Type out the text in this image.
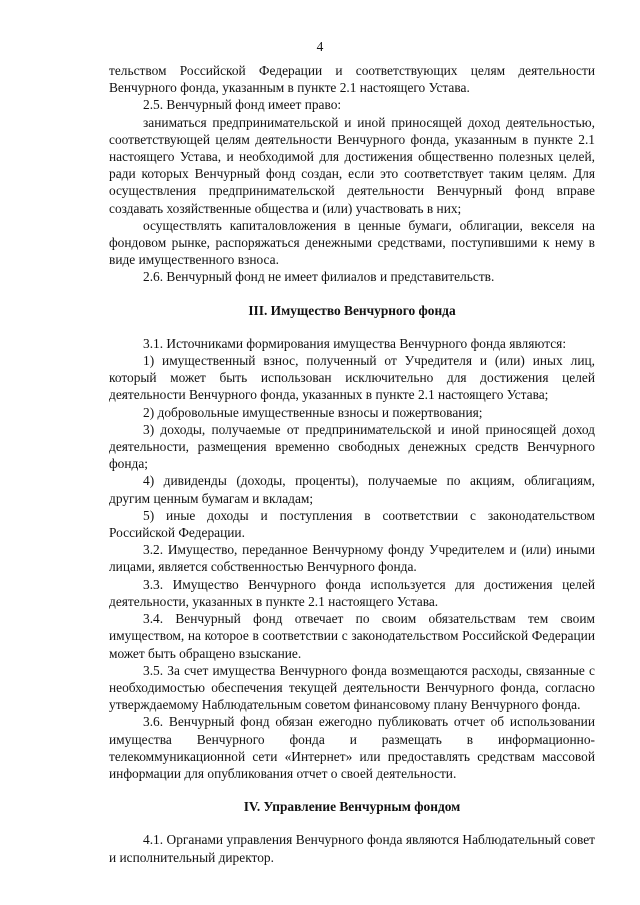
4

тельством Российской Федерации и соответствующих целям деятельности Венчурного фонда, указанным в пункте 2.1 настоящего Устава.

2.5. Венчурный фонд имеет право:

заниматься предпринимательской и иной приносящей доход деятельностью, соответствующей целям деятельности Венчурного фонда, указанным в пункте 2.1 настоящего Устава, и необходимой для достижения общественно полезных целей, ради которых Венчурный фонд создан, если это соответствует таким целям. Для осуществления предпринимательской деятельности Венчурный фонд вправе создавать хозяйственные общества и (или) участвовать в них;

осуществлять капиталовложения в ценные бумаги, облигации, векселя на фондовом рынке, распоряжаться денежными средствами, поступившими к нему в виде имущественного взноса.

2.6. Венчурный фонд не имеет филиалов и представительств.

III. Имущество Венчурного фонда

3.1. Источниками формирования имущества Венчурного фонда являются:

1) имущественный взнос, полученный от Учредителя и (или) иных лиц, который может быть использован исключительно для достижения целей деятельности Венчурного фонда, указанных в пункте 2.1 настоящего Устава;

2) добровольные имущественные взносы и пожертвования;

3) доходы, получаемые от предпринимательской и иной приносящей доход деятельности, размещения временно свободных денежных средств Венчурного фонда;

4) дивиденды (доходы, проценты), получаемые по акциям, облигациям, другим ценным бумагам и вкладам;

5) иные доходы и поступления в соответствии с законодательством Российской Федерации.

3.2. Имущество, переданное Венчурному фонду Учредителем и (или) иными лицами, является собственностью Венчурного фонда.

3.3. Имущество Венчурного фонда используется для достижения целей деятельности, указанных в пункте 2.1 настоящего Устава.

3.4. Венчурный фонд отвечает по своим обязательствам тем своим имуществом, на которое в соответствии с законодательством Российской Федерации может быть обращено взыскание.

3.5. За счет имущества Венчурного фонда возмещаются расходы, связанные с необходимостью обеспечения текущей деятельности Венчурного фонда, согласно утверждаемому Наблюдательным советом финансовому плану Венчурного фонда.

3.6. Венчурный фонд обязан ежегодно публиковать отчет об использовании имущества Венчурного фонда и размещать в информационно-телекоммуникационной сети «Интернет» или предоставлять средствам массовой информации для опубликования отчет о своей деятельности.

IV. Управление Венчурным фондом

4.1. Органами управления Венчурного фонда являются Наблюдательный совет и исполнительный директор.
